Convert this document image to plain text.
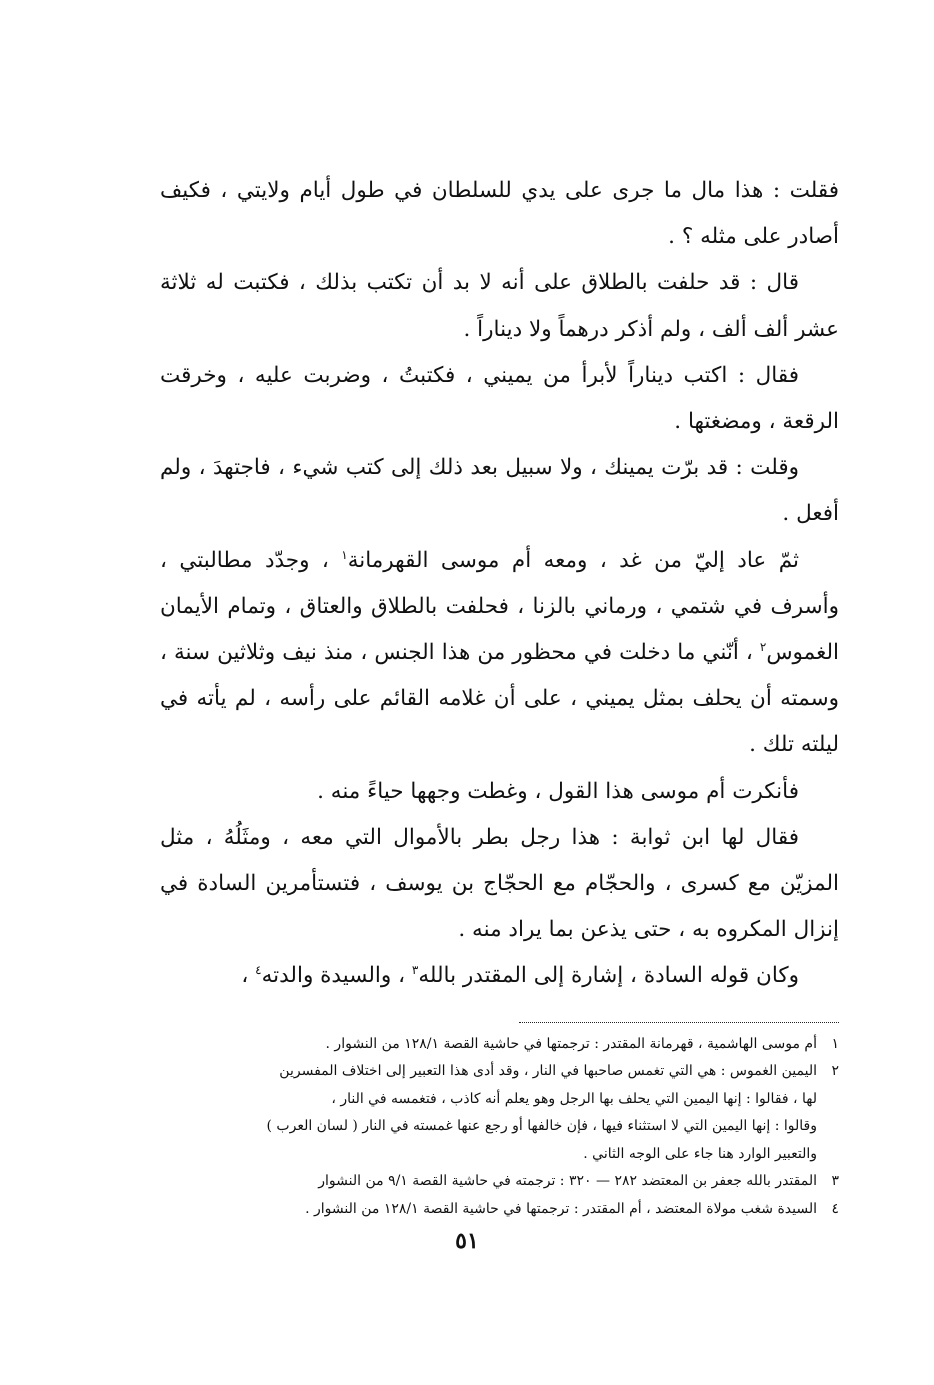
فقلت : هذا مال ما جرى على يدي للسلطان في طول أيام ولايتي ، فكيف أصادر على مثله ؟ .

قال : قد حلفت بالطلاق على أنه لا بد أن تكتب بذلك ، فكتبت له ثلاثة عشر ألف ألف ، ولم أذكر درهماً ولا ديناراً .

فقال : اكتب ديناراً لأبرأ من يميني ، فكتبتُ ، وضربت عليه ، وخرقت الرقعة ، ومضغتها .

وقلت : قد برّت يمينك ، ولا سبيل بعد ذلك إلى كتب شيء ، فاجتهدَ ، ولم أفعل .

ثمّ عاد إليّ من غد ، ومعه أم موسى القهرمانة$^١$ ، وجدّد مطالبتي ، وأسرف في شتمي ، ورماني بالزنا ، فحلفت بالطلاق والعتاق ، وتمام الأيمان الغموس$^٢$ ، أنّني ما دخلت في محظور من هذا الجنس ، منذ نيف وثلاثين سنة ، وسمته أن يحلف بمثل يميني ، على أن غلامه القائم على رأسه ، لم يأته في ليلته تلك .

فأنكرت أم موسى هذا القول ، وغطت وجهها حياءً منه .

فقال لها ابن ثوابة : هذا رجل بطر بالأموال التي معه ، ومثَلُهُ ، مثل المزيّن مع كسرى ، والحجّام مع الحجّاج بن يوسف ، فتستأمرين السادة في إنزال المكروه به ، حتى يذعن بما يراد منه .

وكان قوله السادة ، إشارة إلى المقتدر بالله$^٣$ ، والسيدة والدته$^٤$ ،

١
أم موسى الهاشمية ، قهرمانة المقتدر : ترجمتها في حاشية القصة ١٢٨/١ من النشوار .
٢
اليمين الغموس : هي التي تغمس صاحبها في النار ، وقد أدى هذا التعبير إلى اختلاف المفسرين
لها ، فقالوا : إنها اليمين التي يحلف بها الرجل وهو يعلم أنه كاذب ، فتغمسه في النار ،
وقالوا : إنها اليمين التي لا استثناء فيها ، فإن خالفها أو رجع عنها غمسته في النار ( لسان العرب )
والتعبير الوارد هنا جاء على الوجه الثاني .
٣
المقتدر بالله جعفر بن المعتضد ٢٨٢ — ٣٢٠ : ترجمته في حاشية القصة ٩/١ من النشوار
٤
السيدة شغب مولاة المعتضد ، أم المقتدر : ترجمتها في حاشية القصة ١٢٨/١ من النشوار .
٥١
